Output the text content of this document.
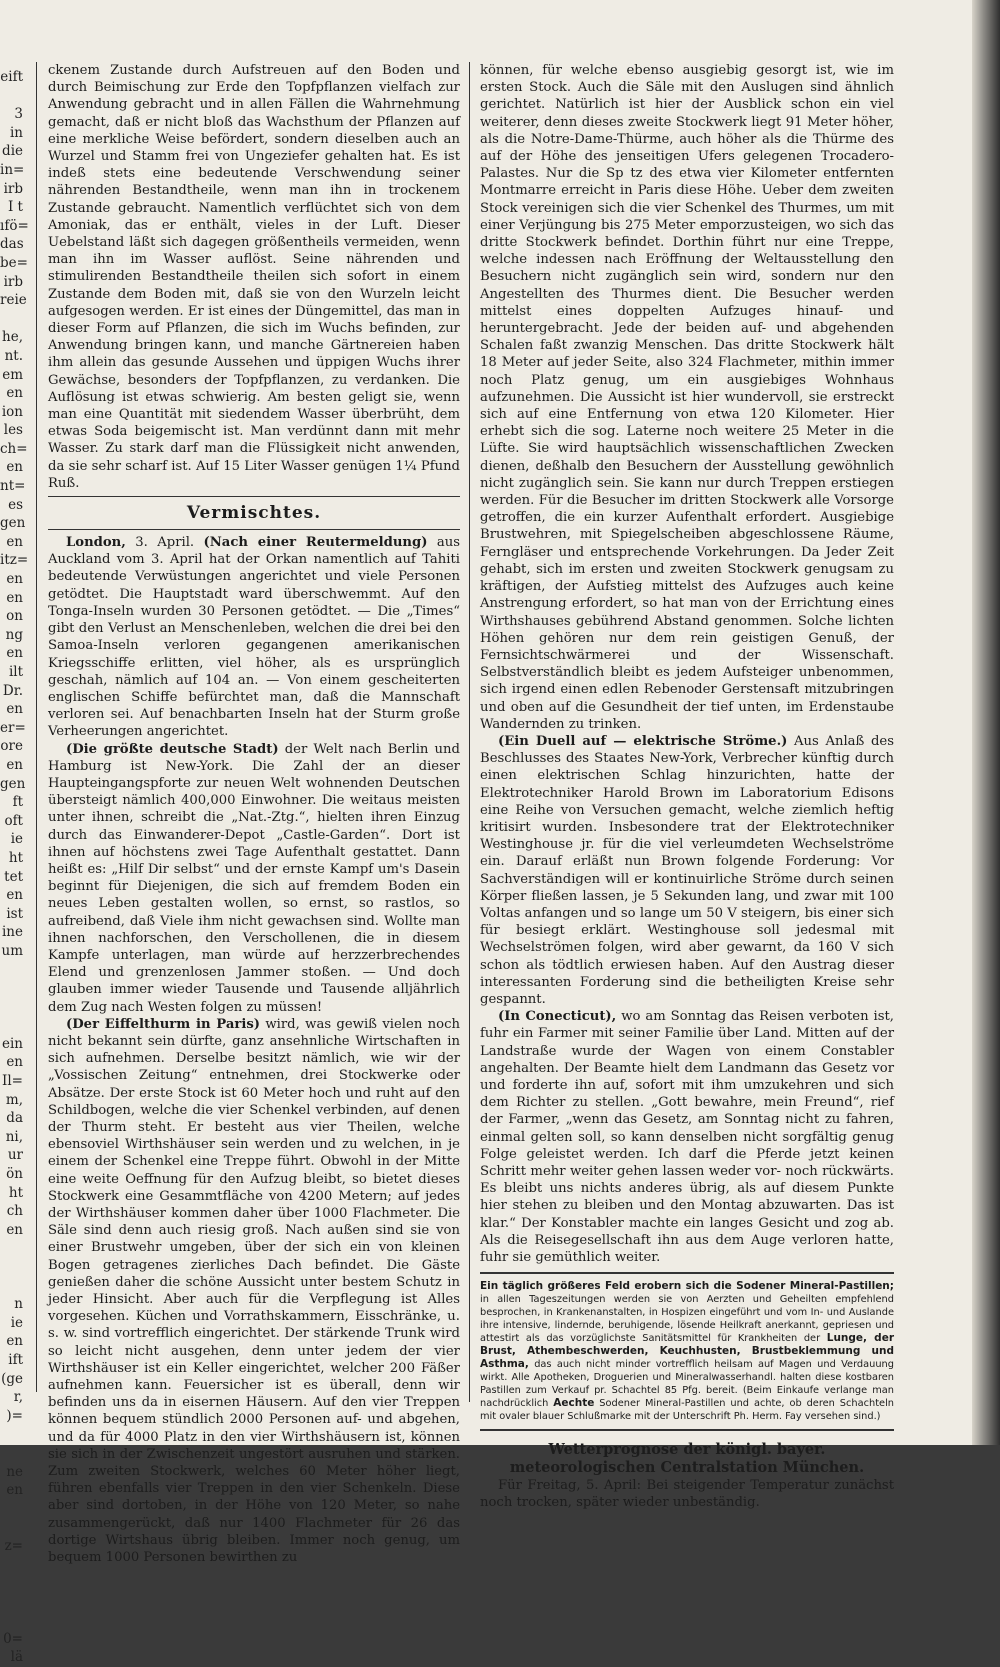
eift
3
in
die
in=
irb
I t
ıfö=
das
be=
irb
reie
he,
nt.
em
en
ion
les
ch=
en
nt=
es
gen
en
itz=
en
en
on
ng
en
ilt
Dr.
en
er=
ore
en
gen
ft
oft
ie
ht
tet
en
ist
ine
um
ein
en
Il=
m,
da
ni,
ur
ön
ht
ch
en
n
ie
en
ift
(ge
r,
)=
ne
en
z=
0=
lä

ckenem Zustande durch Aufstreuen auf den Boden und durch Beimischung zur Erde den Topfpflanzen vielfach zur Anwendung gebracht und in allen Fällen die Wahrnehmung gemacht, daß er nicht bloß das Wachsthum der Pflanzen auf eine merkliche Weise befördert, sondern dieselben auch an Wurzel und Stamm frei von Ungeziefer gehalten hat. Es ist indeß stets eine bedeutende Verschwendung seiner nährenden Bestandtheile, wenn man ihn in trockenem Zustande gebraucht. Namentlich verflüchtet sich von dem Amoniak, das er enthält, vieles in der Luft. Dieser Uebelstand läßt sich dagegen größentheils vermeiden, wenn man ihn im Wasser auflöst. Seine nährenden und stimulirenden Bestandtheile theilen sich sofort in einem Zustande dem Boden mit, daß sie von den Wurzeln leicht aufgesogen werden. Er ist eines der Düngemittel, das man in dieser Form auf Pflanzen, die sich im Wuchs befinden, zur Anwendung bringen kann, und manche Gärtnereien haben ihm allein das gesunde Aussehen und üppigen Wuchs ihrer Gewächse, besonders der Topfpflanzen, zu verdanken. Die Auflösung ist etwas schwierig. Am besten geligt sie, wenn man eine Quantität mit siedendem Wasser überbrüht, dem etwas Soda beigemischt ist. Man verdünnt dann mit mehr Wasser. Zu stark darf man die Flüssigkeit nicht anwenden, da sie sehr scharf ist. Auf 15 Liter Wasser genügen 1¼ Pfund Ruß.

Vermischtes.

London, 3. April. (Nach einer Reutermeldung) aus Auckland vom 3. April hat der Orkan namentlich auf Tahiti bedeutende Verwüstungen angerichtet und viele Personen getödtet. Die Hauptstadt ward überschwemmt. Auf den Tonga-Inseln wurden 30 Personen getödtet. — Die „Times“ gibt den Verlust an Menschenleben, welchen die drei bei den Samoa-Inseln verloren gegangenen amerikanischen Kriegsschiffe erlitten, viel höher, als es ursprünglich geschah, nämlich auf 104 an. — Von einem gescheiterten englischen Schiffe befürchtet man, daß die Mannschaft verloren sei. Auf benachbarten Inseln hat der Sturm große Verheerungen angerichtet.

(Die größte deutsche Stadt) der Welt nach Berlin und Hamburg ist New-York. Die Zahl der an dieser Haupteingangspforte zur neuen Welt wohnenden Deutschen übersteigt nämlich 400,000 Einwohner. Die weitaus meisten unter ihnen, schreibt die „Nat.-Ztg.“, hielten ihren Einzug durch das Einwanderer-Depot „Castle-Garden“. Dort ist ihnen auf höchstens zwei Tage Aufenthalt gestattet. Dann heißt es: „Hilf Dir selbst“ und der ernste Kampf um's Dasein beginnt für Diejenigen, die sich auf fremdem Boden ein neues Leben gestalten wollen, so ernst, so rastlos, so aufreibend, daß Viele ihm nicht gewachsen sind. Wollte man ihnen nachforschen, den Verschollenen, die in diesem Kampfe unterlagen, man würde auf herzzerbrechendes Elend und grenzenlosen Jammer stoßen. — Und doch glauben immer wieder Tausende und Tausende alljährlich dem Zug nach Westen folgen zu müssen!

(Der Eiffelthurm in Paris) wird, was gewiß vielen noch nicht bekannt sein dürfte, ganz ansehnliche Wirtschaften in sich aufnehmen. Derselbe besitzt nämlich, wie wir der „Vossischen Zeitung“ entnehmen, drei Stockwerke oder Absätze. Der erste Stock ist 60 Meter hoch und ruht auf den Schildbogen, welche die vier Schenkel verbinden, auf denen der Thurm steht. Er besteht aus vier Theilen, welche ebensoviel Wirthshäuser sein werden und zu welchen, in je einem der Schenkel eine Treppe führt. Obwohl in der Mitte eine weite Oeffnung für den Aufzug bleibt, so bietet dieses Stockwerk eine Gesammtfläche von 4200 Metern; auf jedes der Wirthshäuser kommen daher über 1000 Flachmeter. Die Säle sind denn auch riesig groß. Nach außen sind sie von einer Brustwehr umgeben, über der sich ein von kleinen Bogen getragenes zierliches Dach befindet. Die Gäste genießen daher die schöne Aussicht unter bestem Schutz in jeder Hinsicht. Aber auch für die Verpflegung ist Alles vorgesehen. Küchen und Vorrathskammern, Eisschränke, u. s. w. sind vortrefflich eingerichtet. Der stärkende Trunk wird so leicht nicht ausgehen, denn unter jedem der vier Wirthshäuser ist ein Keller eingerichtet, welcher 200 Fäßer aufnehmen kann. Feuersicher ist es überall, denn wir befinden uns da in eisernen Häusern. Auf den vier Treppen können bequem stündlich 2000 Personen auf- und abgehen, und da für 4000 Platz in den vier Wirthshäusern ist, können sie sich in der Zwischenzeit ungestört ausruhen und stärken. Zum zweiten Stockwerk, welches 60 Meter höher liegt, führen ebenfalls vier Treppen in den vier Schenkeln. Diese aber sind dortoben, in der Höhe von 120 Meter, so nahe zusammengerückt, daß nur 1400 Flachmeter für 26 das dortige Wirtshaus übrig bleiben. Immer noch genug, um bequem 1000 Personen bewirthen zu

können, für welche ebenso ausgiebig gesorgt ist, wie im ersten Stock. Auch die Säle mit den Auslugen sind ähnlich gerichtet. Natürlich ist hier der Ausblick schon ein viel weiterer, denn dieses zweite Stockwerk liegt 91 Meter höher, als die Notre-Dame-Thürme, auch höher als die Thürme des auf der Höhe des jenseitigen Ufers gelegenen Trocadero-Palastes. Nur die Sp tz des etwa vier Kilometer entfernten Montmarre erreicht in Paris diese Höhe. Ueber dem zweiten Stock vereinigen sich die vier Schenkel des Thurmes, um mit einer Verjüngung bis 275 Meter emporzusteigen, wo sich das dritte Stockwerk befindet. Dorthin führt nur eine Treppe, welche indessen nach Eröffnung der Weltausstellung den Besuchern nicht zugänglich sein wird, sondern nur den Angestellten des Thurmes dient. Die Besucher werden mittelst eines doppelten Aufzuges hinauf- und heruntergebracht. Jede der beiden auf- und abgehenden Schalen faßt zwanzig Menschen. Das dritte Stockwerk hält 18 Meter auf jeder Seite, also 324 Flachmeter, mithin immer noch Platz genug, um ein ausgiebiges Wohnhaus aufzunehmen. Die Aussicht ist hier wundervoll, sie erstreckt sich auf eine Entfernung von etwa 120 Kilometer. Hier erhebt sich die sog. Laterne noch weitere 25 Meter in die Lüfte. Sie wird hauptsächlich wissenschaftlichen Zwecken dienen, deßhalb den Besuchern der Ausstellung gewöhnlich nicht zugänglich sein. Sie kann nur durch Treppen erstiegen werden. Für die Besucher im dritten Stockwerk alle Vorsorge getroffen, die ein kurzer Aufenthalt erfordert. Ausgiebige Brustwehren, mit Spiegelscheiben abgeschlossene Räume, Ferngläser und entsprechende Vorkehrungen. Da Jeder Zeit gehabt, sich im ersten und zweiten Stockwerk genugsam zu kräftigen, der Aufstieg mittelst des Aufzuges auch keine Anstrengung erfordert, so hat man von der Errichtung eines Wirthshauses gebührend Abstand genommen. Solche lichten Höhen gehören nur dem rein geistigen Genuß, der Fernsichtschwärmerei und der Wissenschaft. Selbstverständlich bleibt es jedem Aufsteiger unbenommen, sich irgend einen edlen Rebenoder Gerstensaft mitzubringen und oben auf die Gesundheit der tief unten, im Erdenstaube Wandernden zu trinken.

(Ein Duell auf — elektrische Ströme.) Aus Anlaß des Beschlusses des Staates New-York, Verbrecher künftig durch einen elektrischen Schlag hinzurichten, hatte der Elektrotechniker Harold Brown im Laboratorium Edisons eine Reihe von Versuchen gemacht, welche ziemlich heftig kritisirt wurden. Insbesondere trat der Elektrotechniker Westinghouse jr. für die viel verleumdeten Wechselströme ein. Darauf erläßt nun Brown folgende Forderung: Vor Sachverständigen will er kontinuirliche Ströme durch seinen Körper fließen lassen, je 5 Sekunden lang, und zwar mit 100 Voltas anfangen und so lange um 50 V steigern, bis einer sich für besiegt erklärt. Westinghouse soll jedesmal mit Wechselströmen folgen, wird aber gewarnt, da 160 V sich schon als tödtlich erwiesen haben. Auf den Austrag dieser interessanten Forderung sind die betheiligten Kreise sehr gespannt.

(In Conecticut), wo am Sonntag das Reisen verboten ist, fuhr ein Farmer mit seiner Familie über Land. Mitten auf der Landstraße wurde der Wagen von einem Constabler angehalten. Der Beamte hielt dem Landmann das Gesetz vor und forderte ihn auf, sofort mit ihm umzukehren und sich dem Richter zu stellen. „Gott bewahre, mein Freund“, rief der Farmer, „wenn das Gesetz, am Sonntag nicht zu fahren, einmal gelten soll, so kann denselben nicht sorgfältig genug Folge geleistet werden. Ich darf die Pferde jetzt keinen Schritt mehr weiter gehen lassen weder vor- noch rückwärts. Es bleibt uns nichts anderes übrig, als auf diesem Punkte hier stehen zu bleiben und den Montag abzuwarten. Das ist klar.“ Der Konstabler machte ein langes Gesicht und zog ab. Als die Reisegesellschaft ihn aus dem Auge verloren hatte, fuhr sie gemüthlich weiter.

Ein täglich größeres Feld erobern sich die Sodener Mineral-Pastillen; in allen Tageszeitungen werden sie von Aerzten und Geheilten empfehlend besprochen, in Krankenanstalten, in Hospizen eingeführt und vom In- und Auslande ihre intensive, lindernde, beruhigende, lösende Heilkraft anerkannt, gepriesen und attestirt als das vorzüglichste Sanitätsmittel für Krankheiten der Lunge, der Brust, Athembeschwerden, Keuchhusten, Brustbeklemmung und Asthma, das auch nicht minder vortrefflich heilsam auf Magen und Verdauung wirkt. Alle Apotheken, Droguerien und Mineralwasserhandl. halten diese kostbaren Pastillen zum Verkauf pr. Schachtel 85 Pfg. bereit. (Beim Einkaufe verlange man nachdrücklich Aechte Sodener Mineral-Pastillen und achte, ob deren Schachteln mit ovaler blauer Schlußmarke mit der Unterschrift Ph. Herm. Fay versehen sind.)
Wetterprognose der königl. bayer. meteorologischen Centralstation München.

Für Freitag, 5. April: Bei steigender Temperatur zunächst noch trocken, später wieder unbeständig.
